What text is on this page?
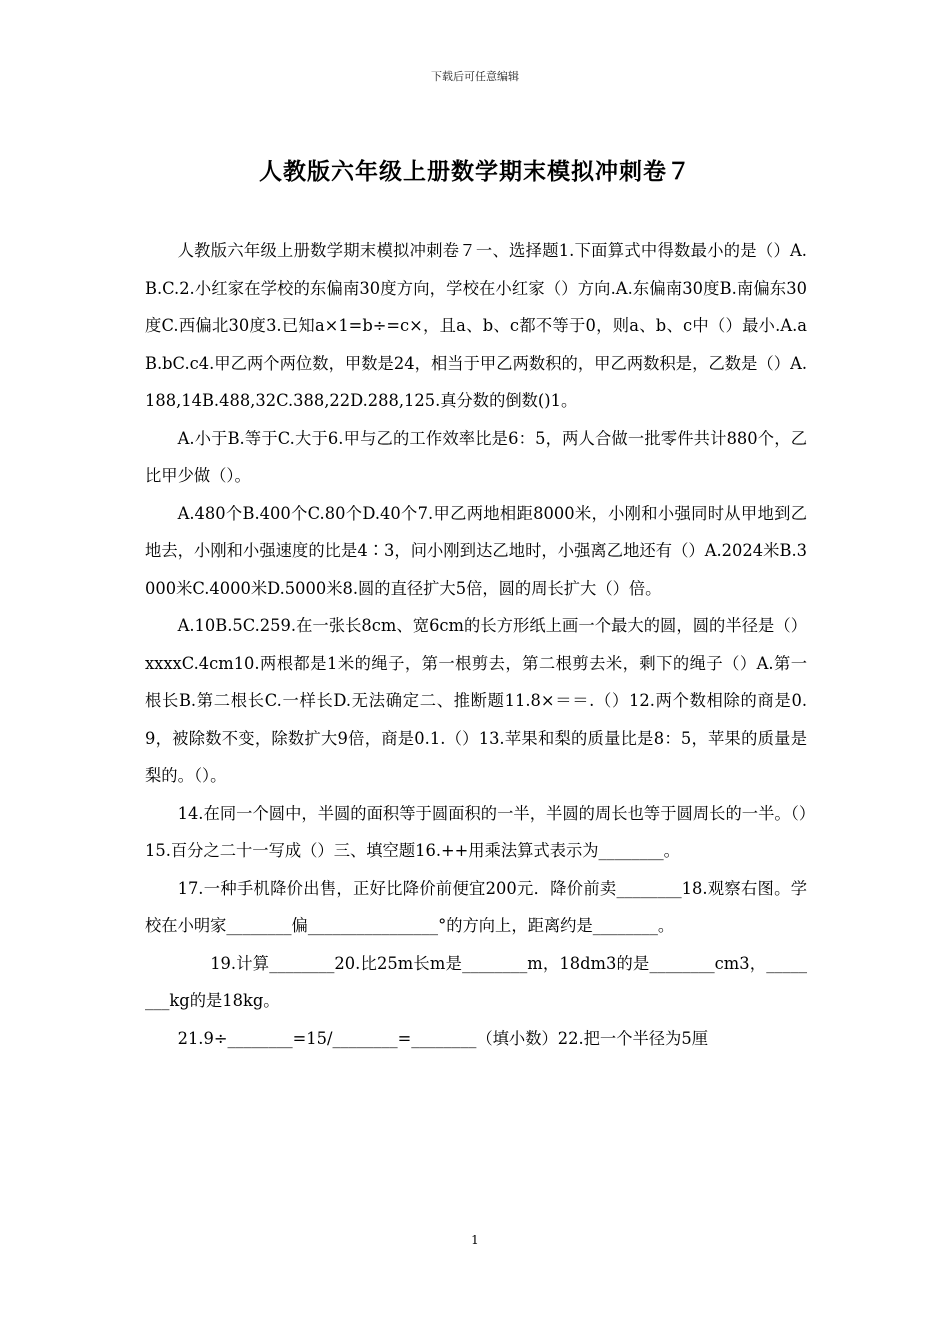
下载后可任意编辑
人教版六年级上册数学期末模拟冲刺卷７

人教版六年级上册数学期末模拟冲刺卷７一、选择题1.下面算式中得数最小的是（）A.B.C.2.小红家在学校的东偏南30度方向，学校在小红家（）方向.A.东偏南30度B.南偏东30度C.西偏北30度3.已知a×1=b÷=c×，且a、b、c都不等于0，则a、b、c中（）最小.A.aB.bC.c4.甲乙两个两位数，甲数是24，相当于甲乙两数积的，甲乙两数积是，乙数是（）A.188,14B.488,32C.388,22D.288,125.真分数的倒数()1。

A.小于B.等于C.大于6.甲与乙的工作效率比是6：5，两人合做一批零件共计880个，乙比甲少做（）。

A.480个B.400个C.80个D.40个7.甲乙两地相距8000米，小刚和小强同时从甲地到乙地去，小刚和小强速度的比是4∶3，问小刚到达乙地时，小强离乙地还有（）A.2024米B.3000米C.4000米D.5000米8.圆的直径扩大5倍，圆的周长扩大（）倍。

A.10B.5C.259.在一张长8cm、宽6cm的长方形纸上画一个最大的圆，圆的半径是（）xxxxC.4cm10.两根都是1米的绳子，第一根剪去，第二根剪去米，剩下的绳子（）A.第一根长B.第二根长C.一样长D.无法确定二、推断题11.8×＝＝.（）12.两个数相除的商是0.9，被除数不变，除数扩大9倍，商是0.1.（）13.苹果和梨的质量比是8：5，苹果的质量是梨的。（）。

14.在同一个圆中，半圆的面积等于圆面积的一半，半圆的周长也等于圆周长的一半。（）15.百分之二十一写成（）三、填空题16.++用乘法算式表示为________。

17.一种手机降价出售，正好比降价前便宜200元．降价前卖________18.观察右图。学校在小明家________偏________________°的方向上，距离约是________。

19.计算________20.比25m长m是________m，18dm3的是________cm3，________kg的是18kg。

21.9÷________=15/________=________（填小数）22.把一个半径为5厘

1
